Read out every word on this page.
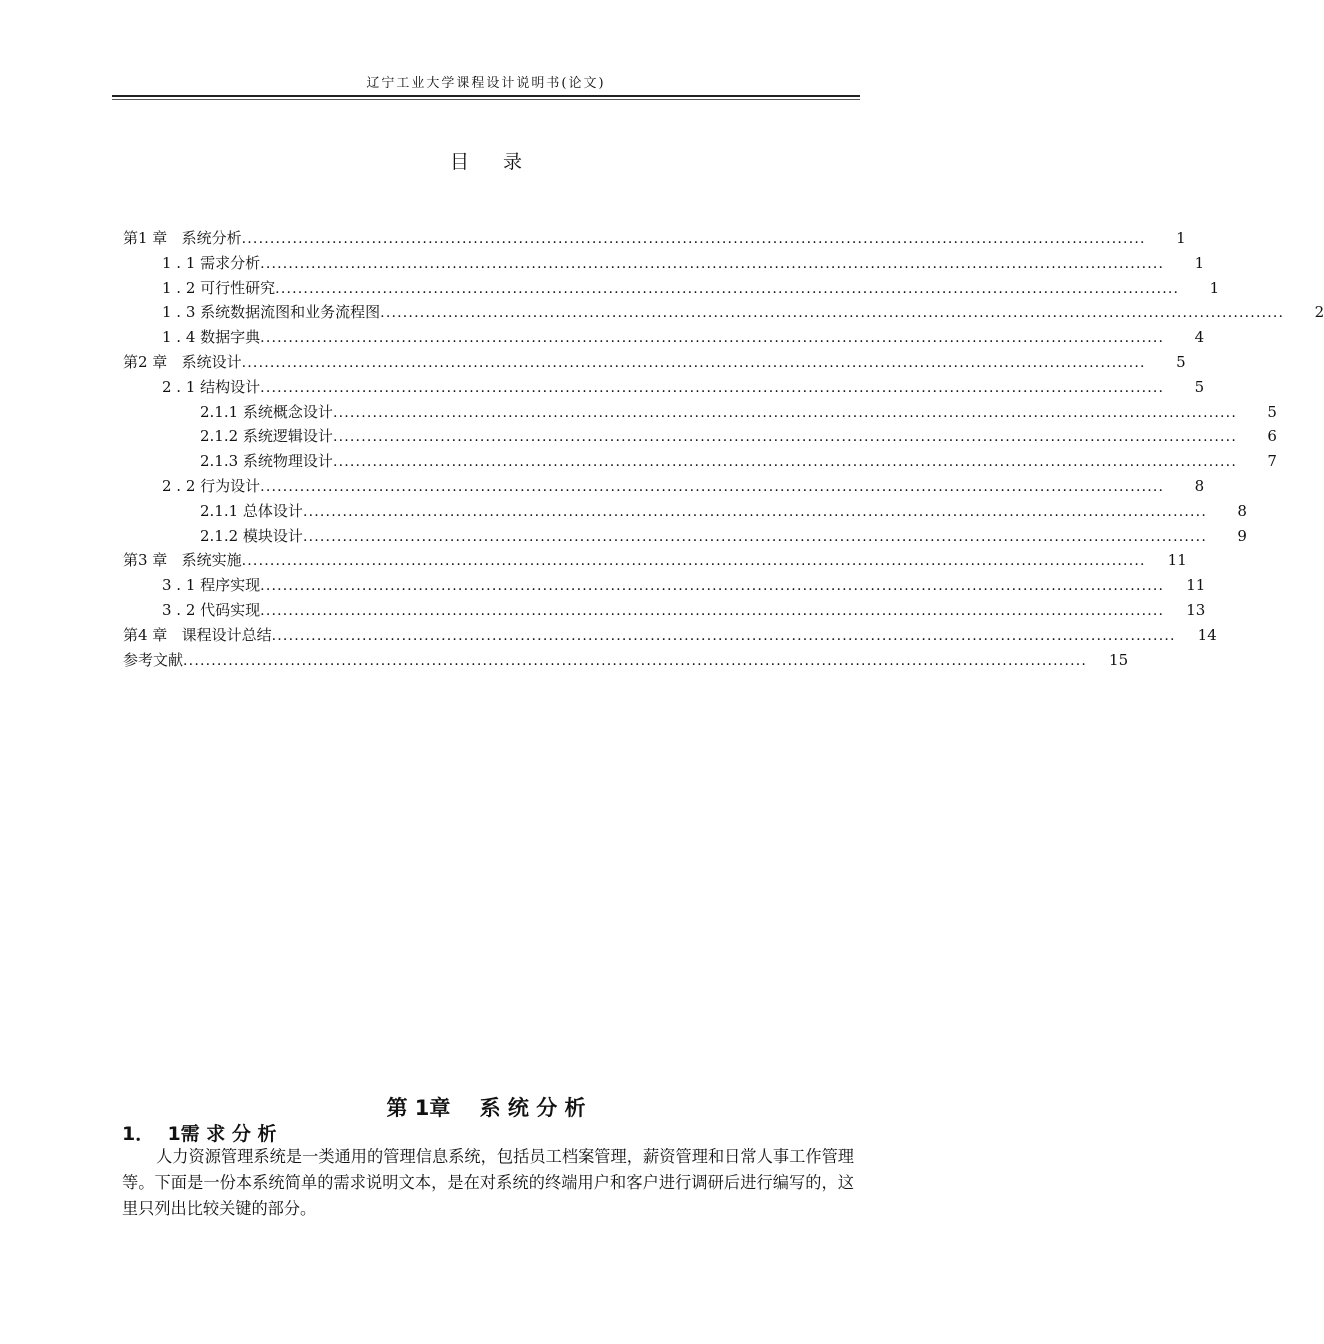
辽宁工业大学课程设计说明书(论文)
目录
第1 章   系统分析 ................................................................................................................................................................	1
1 . 1 需求分析 ................................................................................................................................................................	1
1 . 2 可行性研究 ................................................................................................................................................................	1
1 . 3 系统数据流图和业务流程图 ................................................................................................................................................................	2
1 . 4 数据字典 ................................................................................................................................................................	4
第2 章   系统设计 ................................................................................................................................................................	5
2 . 1 结构设计 ................................................................................................................................................................	5
2.1.1 系统概念设计 ................................................................................................................................................................	5
2.1.2 系统逻辑设计 ................................................................................................................................................................	6
2.1.3 系统物理设计 ................................................................................................................................................................	7
2 . 2 行为设计 ................................................................................................................................................................	8
2.1.1 总体设计 ................................................................................................................................................................	8
2.1.2 模块设计 ................................................................................................................................................................	9
第3 章   系统实施 ................................................................................................................................................................ 11
3 . 1 程序实现 ................................................................................................................................................................ 11
3 . 2 代码实现 ................................................................................................................................................................ 13
第4 章   课程设计总结 ................................................................................................................................................................ 14
参考文献 ................................................................................................................................................................ 15
第 1章    系 统 分 析
1．  1需 求 分 析
人力资源管理系统是一类通用的管理信息系统，包括员工档案管理，薪资管理和日常人事工作管理等。下面是一份本系统简单的需求说明文本，是在对系统的终端用户和客户进行调研后进行编写的，这里只列出比较关键的部分。
